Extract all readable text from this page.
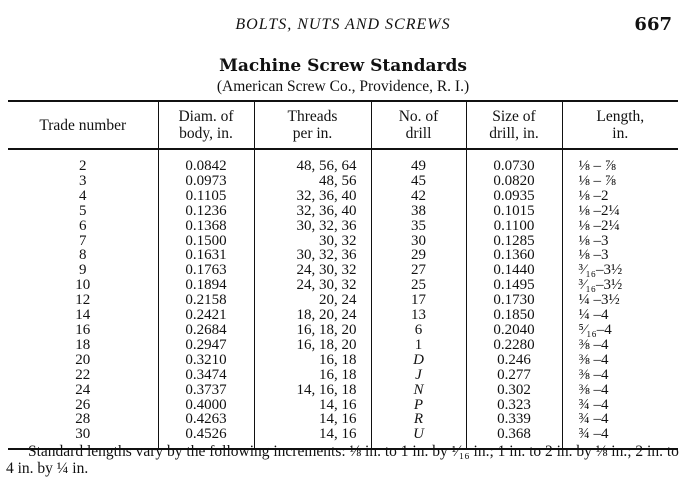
BOLTS, NUTS AND SCREWS	667
Machine Screw Standards
(American Screw Co., Providence, R. I.)
Trade number	Diam. of body, in.	Threads per in.	No. of drill	Size of drill, in.	Length, in.

2	0.0842	48, 56, 64	49	0.0730	⅛ – ⅞
3	0.0973	48, 56	45	0.0820	⅛ – ⅞
4	0.1105	32, 36, 40	42	0.0935	⅛ –2
5	0.1236	32, 36, 40	38	0.1015	⅛ –2¼
6	0.1368	30, 32, 36	35	0.1100	⅛ –2¼
7	0.1500	30, 32	30	0.1285	⅛ –3
8	0.1631	30, 32, 36	29	0.1360	⅛ –3
9	0.1763	24, 30, 32	27	0.1440	³⁄₁₆–3½
10	0.1894	24, 30, 32	25	0.1495	³⁄₁₆–3½
12	0.2158	20, 24	17	0.1730	¼ –3½
14	0.2421	18, 20, 24	13	0.1850	¼ –4
16	0.2684	16, 18, 20	6	0.2040	⁵⁄₁₆–4
18	0.2947	16, 18, 20	1	0.2280	⅜ –4
20	0.3210	16, 18	D	0.246	⅜ –4
22	0.3474	16, 18	J	0.277	⅜ –4
24	0.3737	14, 16, 18	N	0.302	⅜ –4
26	0.4000	14, 16	P	0.323	¾ –4
28	0.4263	14, 16	R	0.339	¾ –4
30	0.4526	14, 16	U	0.368	¾ –4
Standard lengths vary by the following increments: ⅛ in. to 1 in. by ¹⁄₁₆ in.; 1 in. to 2 in. by ⅛ in.; 2 in. to 4 in. by ¼ in.
